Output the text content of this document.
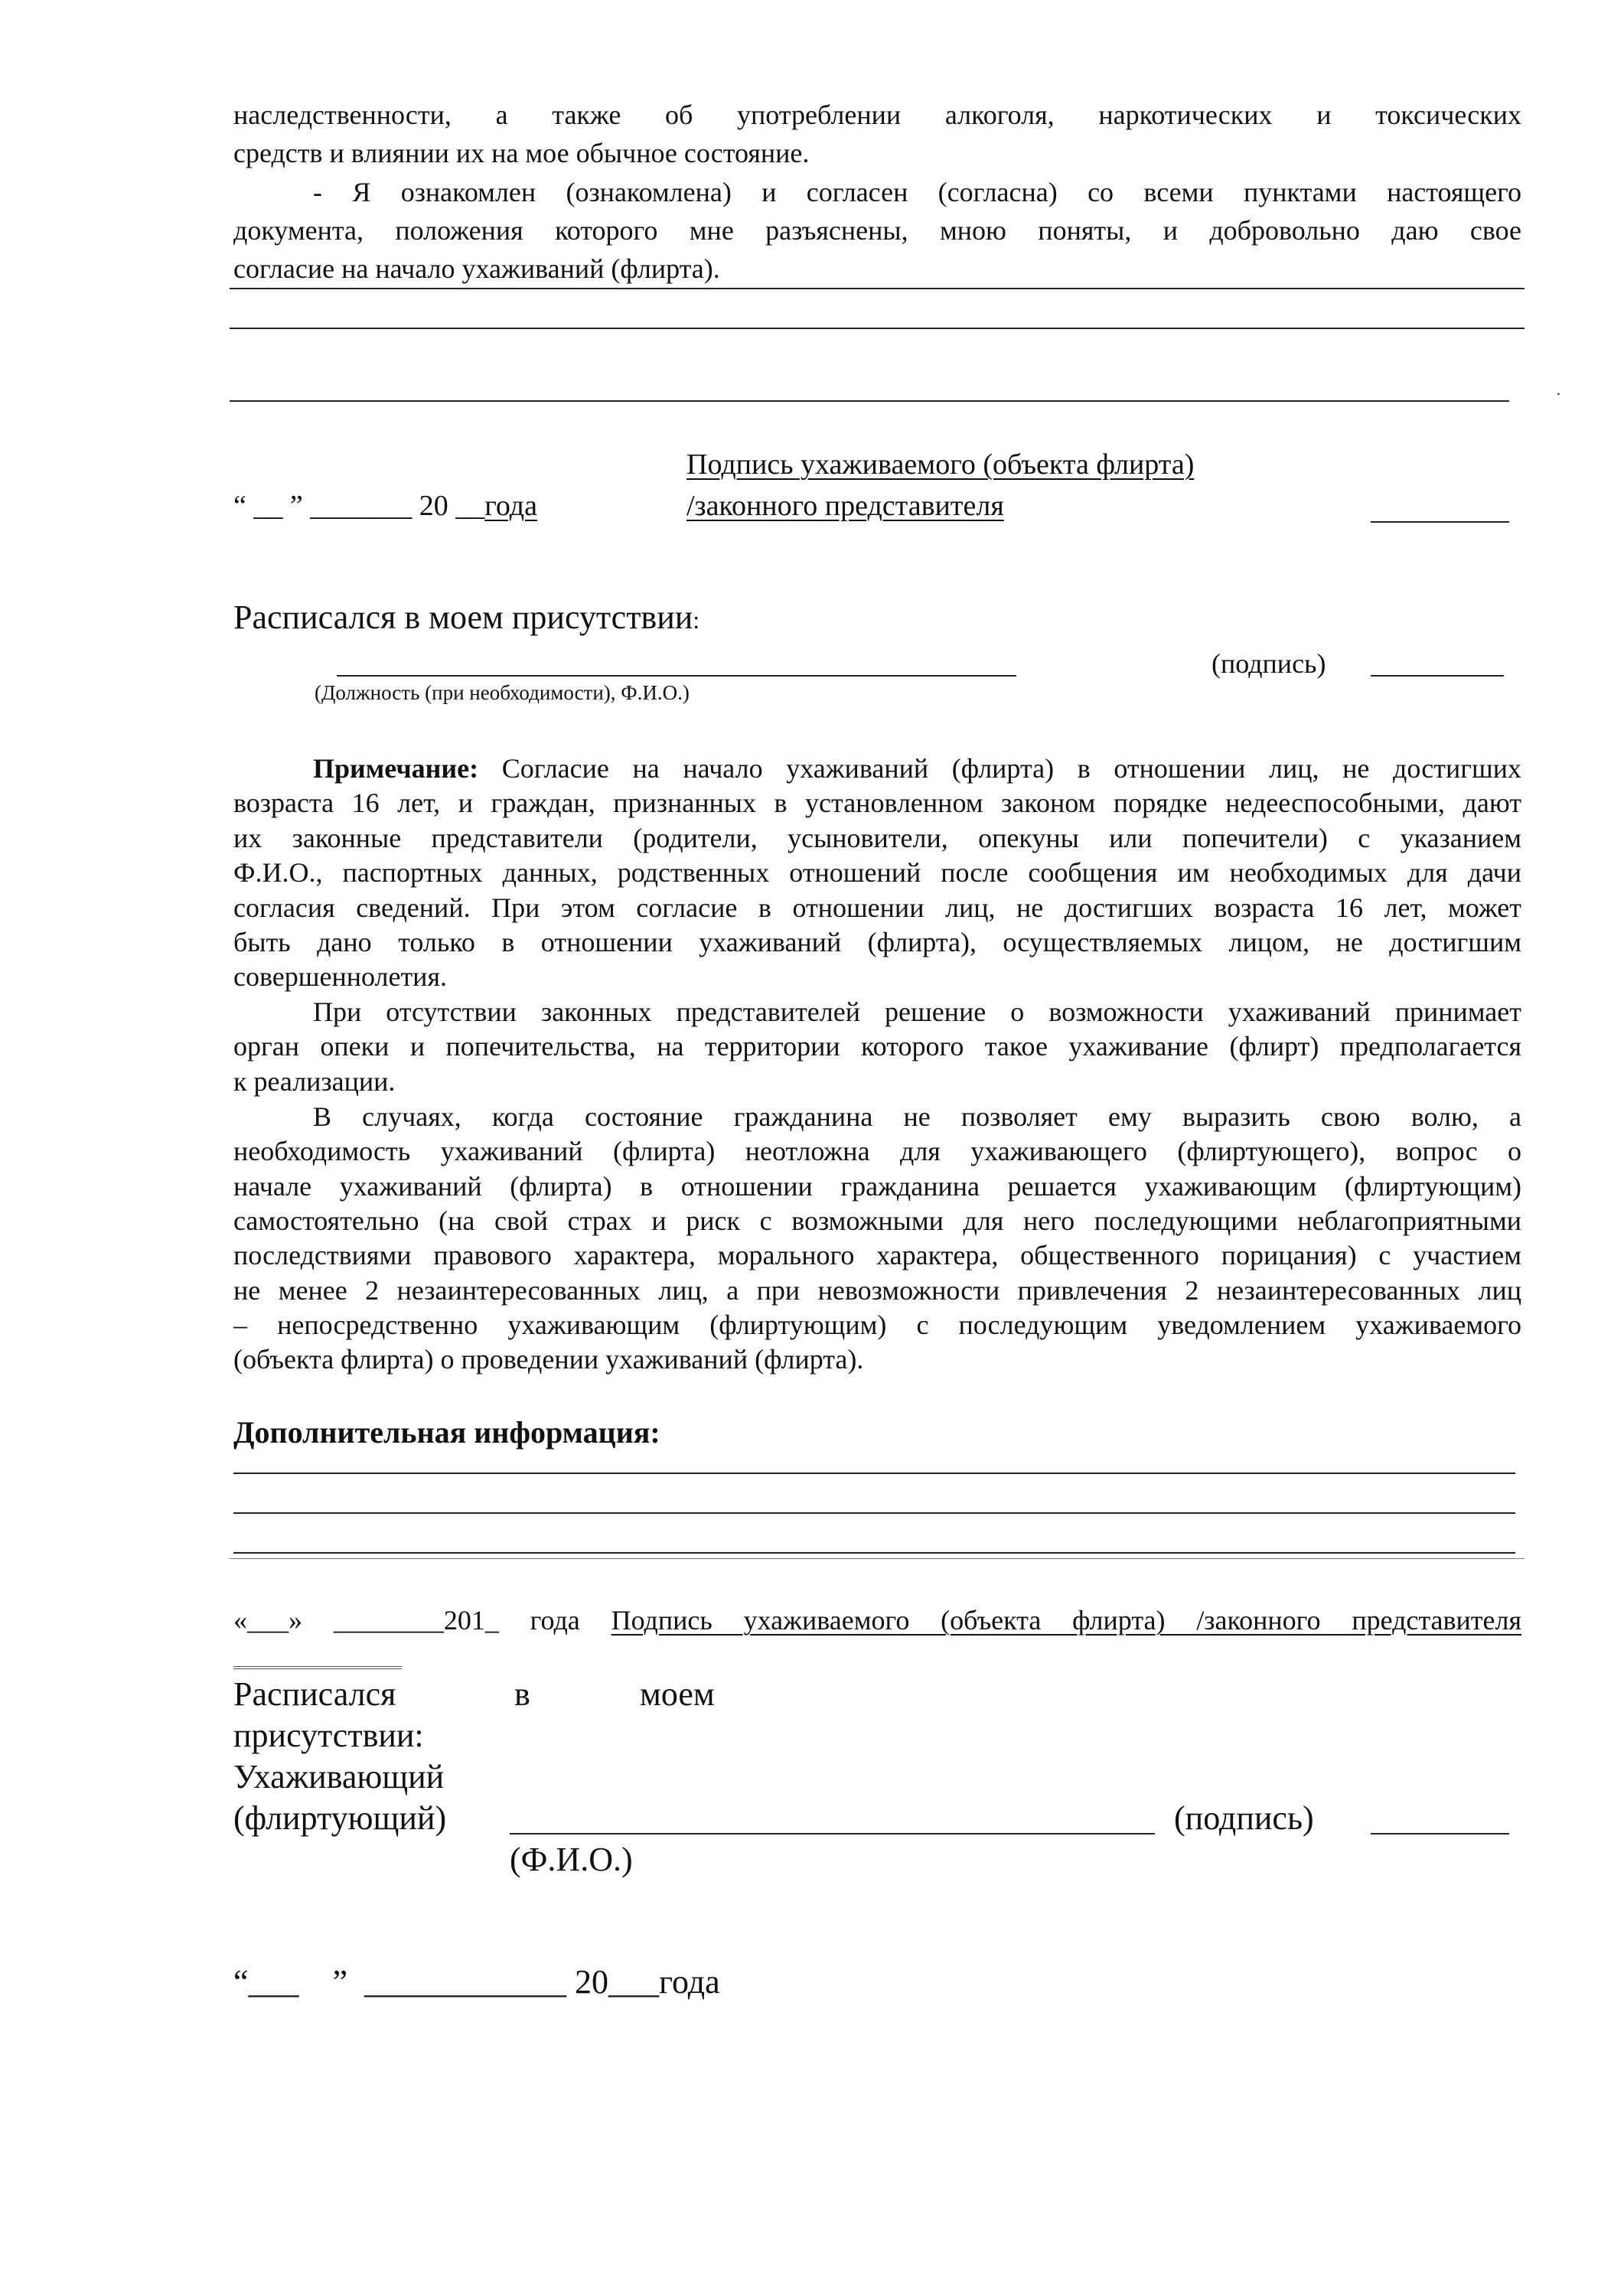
.
Подпись ухаживаемого (объекта флирта)
/законного представителя
“ __ ” _______ 20 __года
Расписался в моем присутствии:
(подпись)
(Должность (при необходимости), Ф.И.О.)
Дополнительная информация:
«___» ________201_ года Подпись ухаживаемого (объекта флирта) /законного представителя
Расписался	в	моем
присутствии:
Ухаживающий
(флиртующий)	(подпись)
(Ф.И.О.)
“___    ”  ____________ 20___года
наследственности, а также об употреблении алкоголя, наркотических и токсических
средств и влиянии их на мое обычное состояние.
- Я ознакомлен (ознакомлена) и согласен (согласна) со всеми пунктами настоящего
документа, положения которого мне разъяснены, мною поняты, и добровольно даю свое
согласие на начало ухаживаний (флирта).
Примечание: Согласие на начало ухаживаний (флирта) в отношении лиц, не достигших
возраста 16 лет, и граждан, признанных в установленном законом порядке недееспособными, дают
их законные представители (родители, усыновители, опекуны или попечители) с указанием
Ф.И.О., паспортных данных, родственных отношений после сообщения им необходимых для дачи
согласия сведений. При этом согласие в отношении лиц, не достигших возраста 16 лет, может
быть дано только в отношении ухаживаний (флирта), осуществляемых лицом, не достигшим
совершеннолетия.
При отсутствии законных представителей решение о возможности ухаживаний принимает
орган опеки и попечительства, на территории которого такое ухаживание (флирт) предполагается
к реализации.
В случаях, когда состояние гражданина не позволяет ему выразить свою волю, а
необходимость ухаживаний (флирта) неотложна для ухаживающего (флиртующего), вопрос о
начале ухаживаний (флирта) в отношении гражданина решается ухаживающим (флиртующим)
самостоятельно (на свой страх и риск с возможными для него последующими неблагоприятными
последствиями правового характера, морального характера, общественного порицания) с участием
не менее 2 незаинтересованных лиц, а при невозможности привлечения 2 незаинтересованных лиц
– непосредственно ухаживающим (флиртующим) с последующим уведомлением ухаживаемого
(объекта флирта) о проведении ухаживаний (флирта).
